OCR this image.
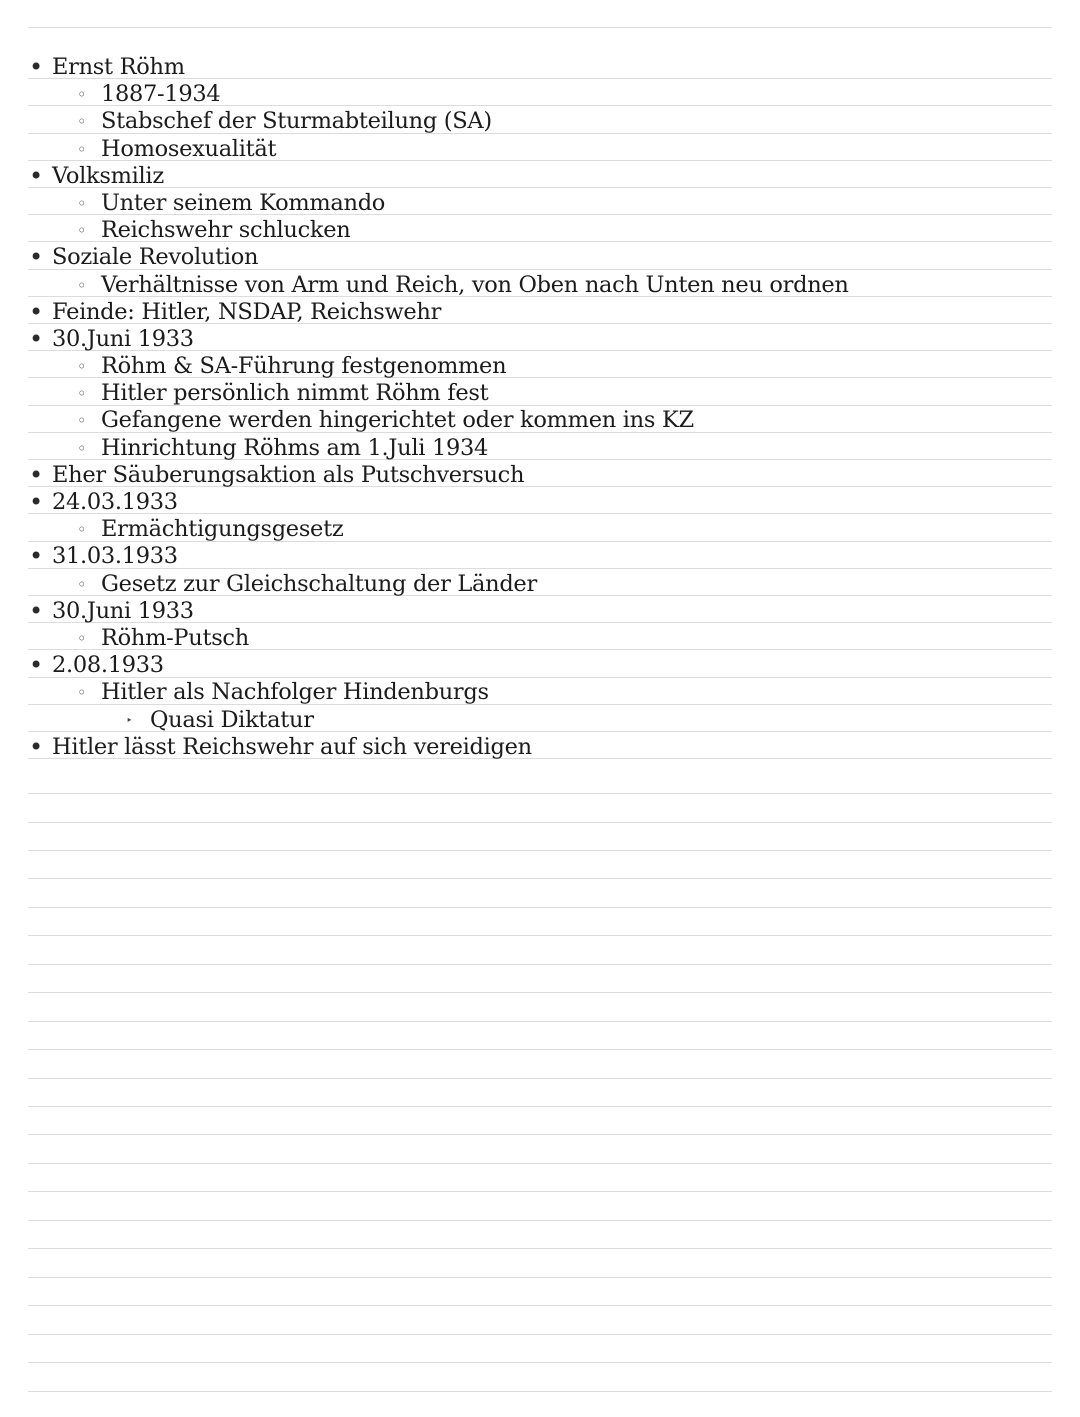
• Ernst Röhm
◦ 1887-1934
◦ Stabschef der Sturmabteilung (SA)
◦ Homosexualität
• Volksmiliz
◦ Unter seinem Kommando
◦ Reichswehr schlucken
• Soziale Revolution
◦ Verhältnisse von Arm und Reich, von Oben nach Unten neu ordnen
• Feinde: Hitler, NSDAP, Reichswehr
• 30.Juni 1933
◦ Röhm & SA-Führung festgenommen
◦ Hitler persönlich nimmt Röhm fest
◦ Gefangene werden hingerichtet oder kommen ins KZ
◦ Hinrichtung Röhms am 1.Juli 1934
• Eher Säuberungsaktion als Putschversuch
• 24.03.1933
◦ Ermächtigungsgesetz
• 31.03.1933
◦ Gesetz zur Gleichschaltung der Länder
• 30.Juni 1933
◦ Röhm-Putsch
• 2.08.1933
◦ Hitler als Nachfolger Hindenburgs
‣ Quasi Diktatur
• Hitler lässt Reichswehr auf sich vereidigen
